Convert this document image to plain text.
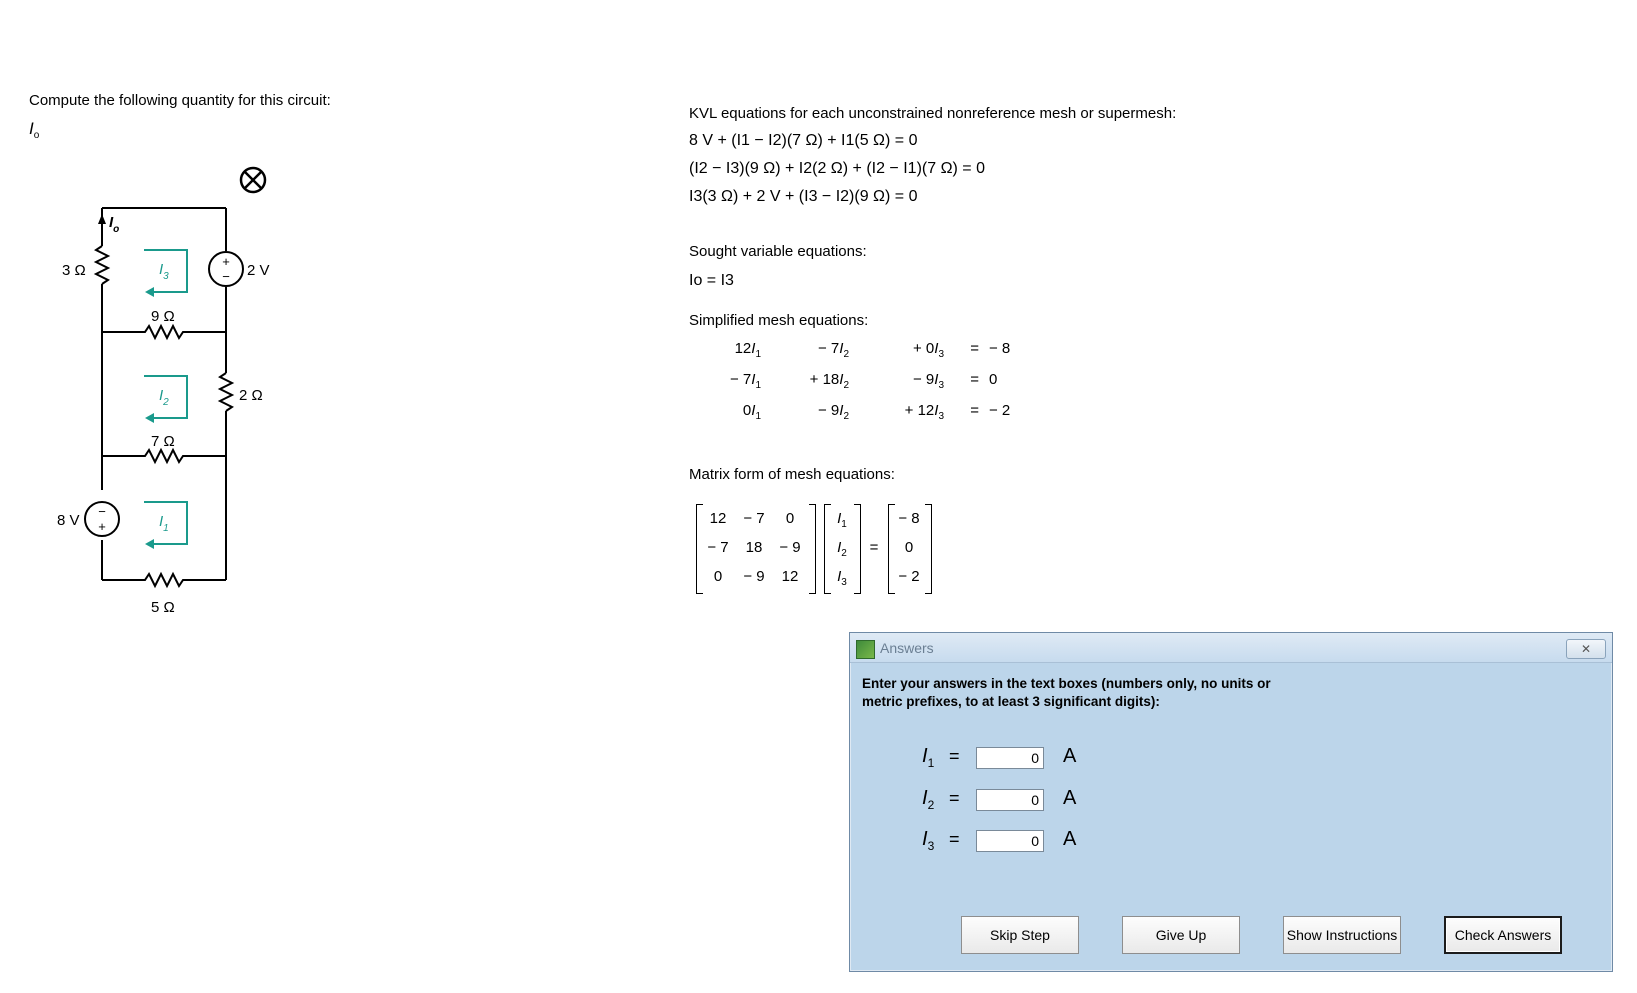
Compute the following quantity for this circuit:
$I_o$
+
−
−
+
3 Ω
9 Ω
2 Ω
7 Ω
5 Ω
8 V
2 V
$I_o$
$I_3$
$I_2$
$I_1$
KVL equations for each unconstrained nonreference mesh or supermesh:
8 V + (I1 − I2)(7 Ω) + I1(5 Ω) = 0
(I2 − I3)(9 Ω) + I2(2 Ω) + (I2 − I1)(7 Ω) = 0
I3(3 Ω) + 2 V + (I3 − I2)(9 Ω) = 0
Sought variable equations:
Io = I3
Simplified mesh equations:
$12I_1$	− $7I_2$	+ $0I_3$ = − 8
− $7I_1$	+ $18I_2$	− $9I_3 = 0$
$0I_1$	− $9I_2$	+ $12I_3$ = − 2
Matrix form of mesh equations:
12	− 7	0
− 7	18	− 9
0	− 9	12
$I_1$
$I_2$
$I_3$
=
− 8
0
− 2
Answers	✕
Enter your answers in the text boxes (numbers only, no units or metric prefixes, to at least 3 significant digits):
$I_1$ =
0	A
$I_2$ =
0	A
$I_3$ =
0	A
Skip Step	Give Up	Show Instructions	Check Answers
